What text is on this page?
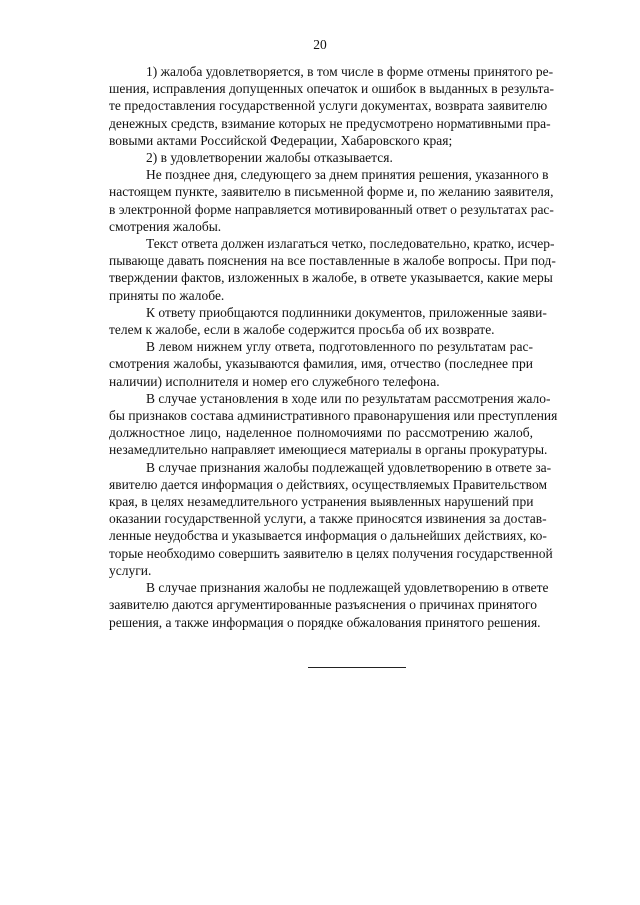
20

1) жалоба удовлетворяется, в том числе в форме отмены принятого ре-
шения, исправления допущенных опечаток и ошибок в выданных в результа-
те предоставления государственной услуги документах, возврата заявителю
денежных средств, взимание которых не предусмотрено нормативными пра-
вовыми актами Российской Федерации, Хабаровского края;

2) в удовлетворении жалобы отказывается.

Не позднее дня, следующего за днем принятия решения, указанного в
настоящем пункте, заявителю в письменной форме и, по желанию заявителя,
в электронной форме направляется мотивированный ответ о результатах рас-
смотрения жалобы.

Текст ответа должен излагаться четко, последовательно, кратко, исчер-
пывающе давать пояснения на все поставленные в жалобе вопросы. При под-
тверждении фактов, изложенных в жалобе, в ответе указывается, какие меры
приняты по жалобе.

К ответу приобщаются подлинники документов, приложенные заяви-
телем к жалобе, если в жалобе содержится просьба об их возврате.

В левом нижнем углу ответа, подготовленного по результатам рас-
смотрения жалобы, указываются фамилия, имя, отчество (последнее при
наличии) исполнителя и номер его служебного телефона.

В случае установления в ходе или по результатам рассмотрения жало-
бы признаков состава административного правонарушения или преступления
должностное лицо, наделенное полномочиями по рассмотрению жалоб,
незамедлительно направляет имеющиеся материалы в органы прокуратуры.

В случае признания жалобы подлежащей удовлетворению в ответе за-
явителю дается информация о действиях, осуществляемых Правительством
края, в целях незамедлительного устранения выявленных нарушений при
оказании государственной услуги, а также приносятся извинения за достав-
ленные неудобства и указывается информация о дальнейших действиях, ко-
торые необходимо совершить заявителю в целях получения государственной
услуги.

В случае признания жалобы не подлежащей удовлетворению в ответе
заявителю даются аргументированные разъяснения о причинах принятого
решения, а также информация о порядке обжалования принятого решения.
